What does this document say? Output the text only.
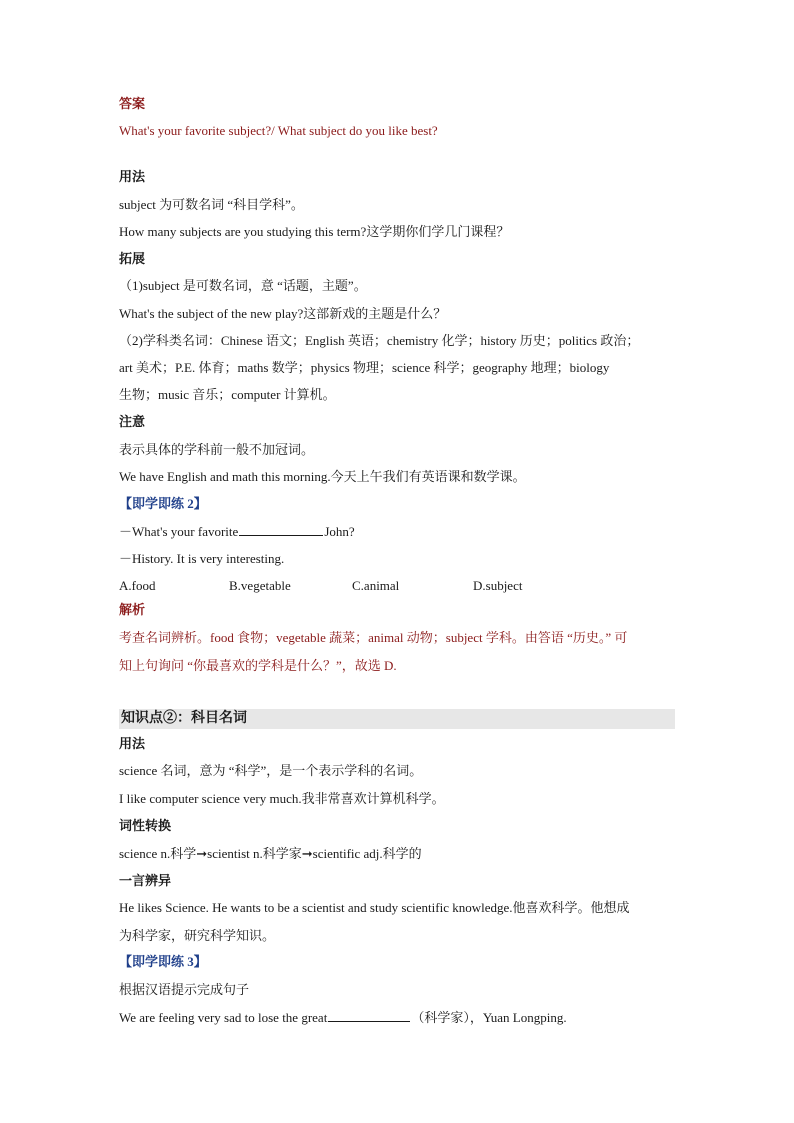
答案
What's your favorite subject?/ What subject do you like best?
用法
subject 为可数名词 “科目学科”。
How many subjects are you studying this term?这学期你们学几门课程？
拓展
（1)subject 是可数名词，意 “话题，主题”。
What's the subject of the new play?这部新戏的主题是什么？
（2)学科类名词：Chinese 语文；English 英语；chemistry 化学；history 历史；politics 政治；
art 美术；P.E. 体育；maths 数学；physics 物理；science 科学；geography 地理；biology
生物；music 音乐；computer 计算机。
注意
表示具体的学科前一般不加冠词。
We have English and math this morning.今天上午我们有英语课和数学课。
【即学即练 2】
－What's your favorite	John?
－History. It is very interesting.
A.food	B.vegetable	C.animal	D.subject
解析
考查名词辨析。food 食物；vegetable 蔬菜；animal 动物；subject 学科。由答语 “历史。” 可
知上句询问 “你最喜欢的学科是什么？”，故选 D.
知识点②：科目名词
用法
science 名词，意为 “科学”，是一个表示学科的名词。
I like computer science very much.我非常喜欢计算机科学。
词性转换
science n.科学➞scientist n.科学家➞scientific adj.科学的
一言辨异
He likes Science. He wants to be a scientist and study scientific knowledge.他喜欢科学。他想成
为科学家，研究科学知识。
【即学即练 3】
根据汉语提示完成句子
We are feeling very sad to lose the great	（科学家），Yuan Longping.
